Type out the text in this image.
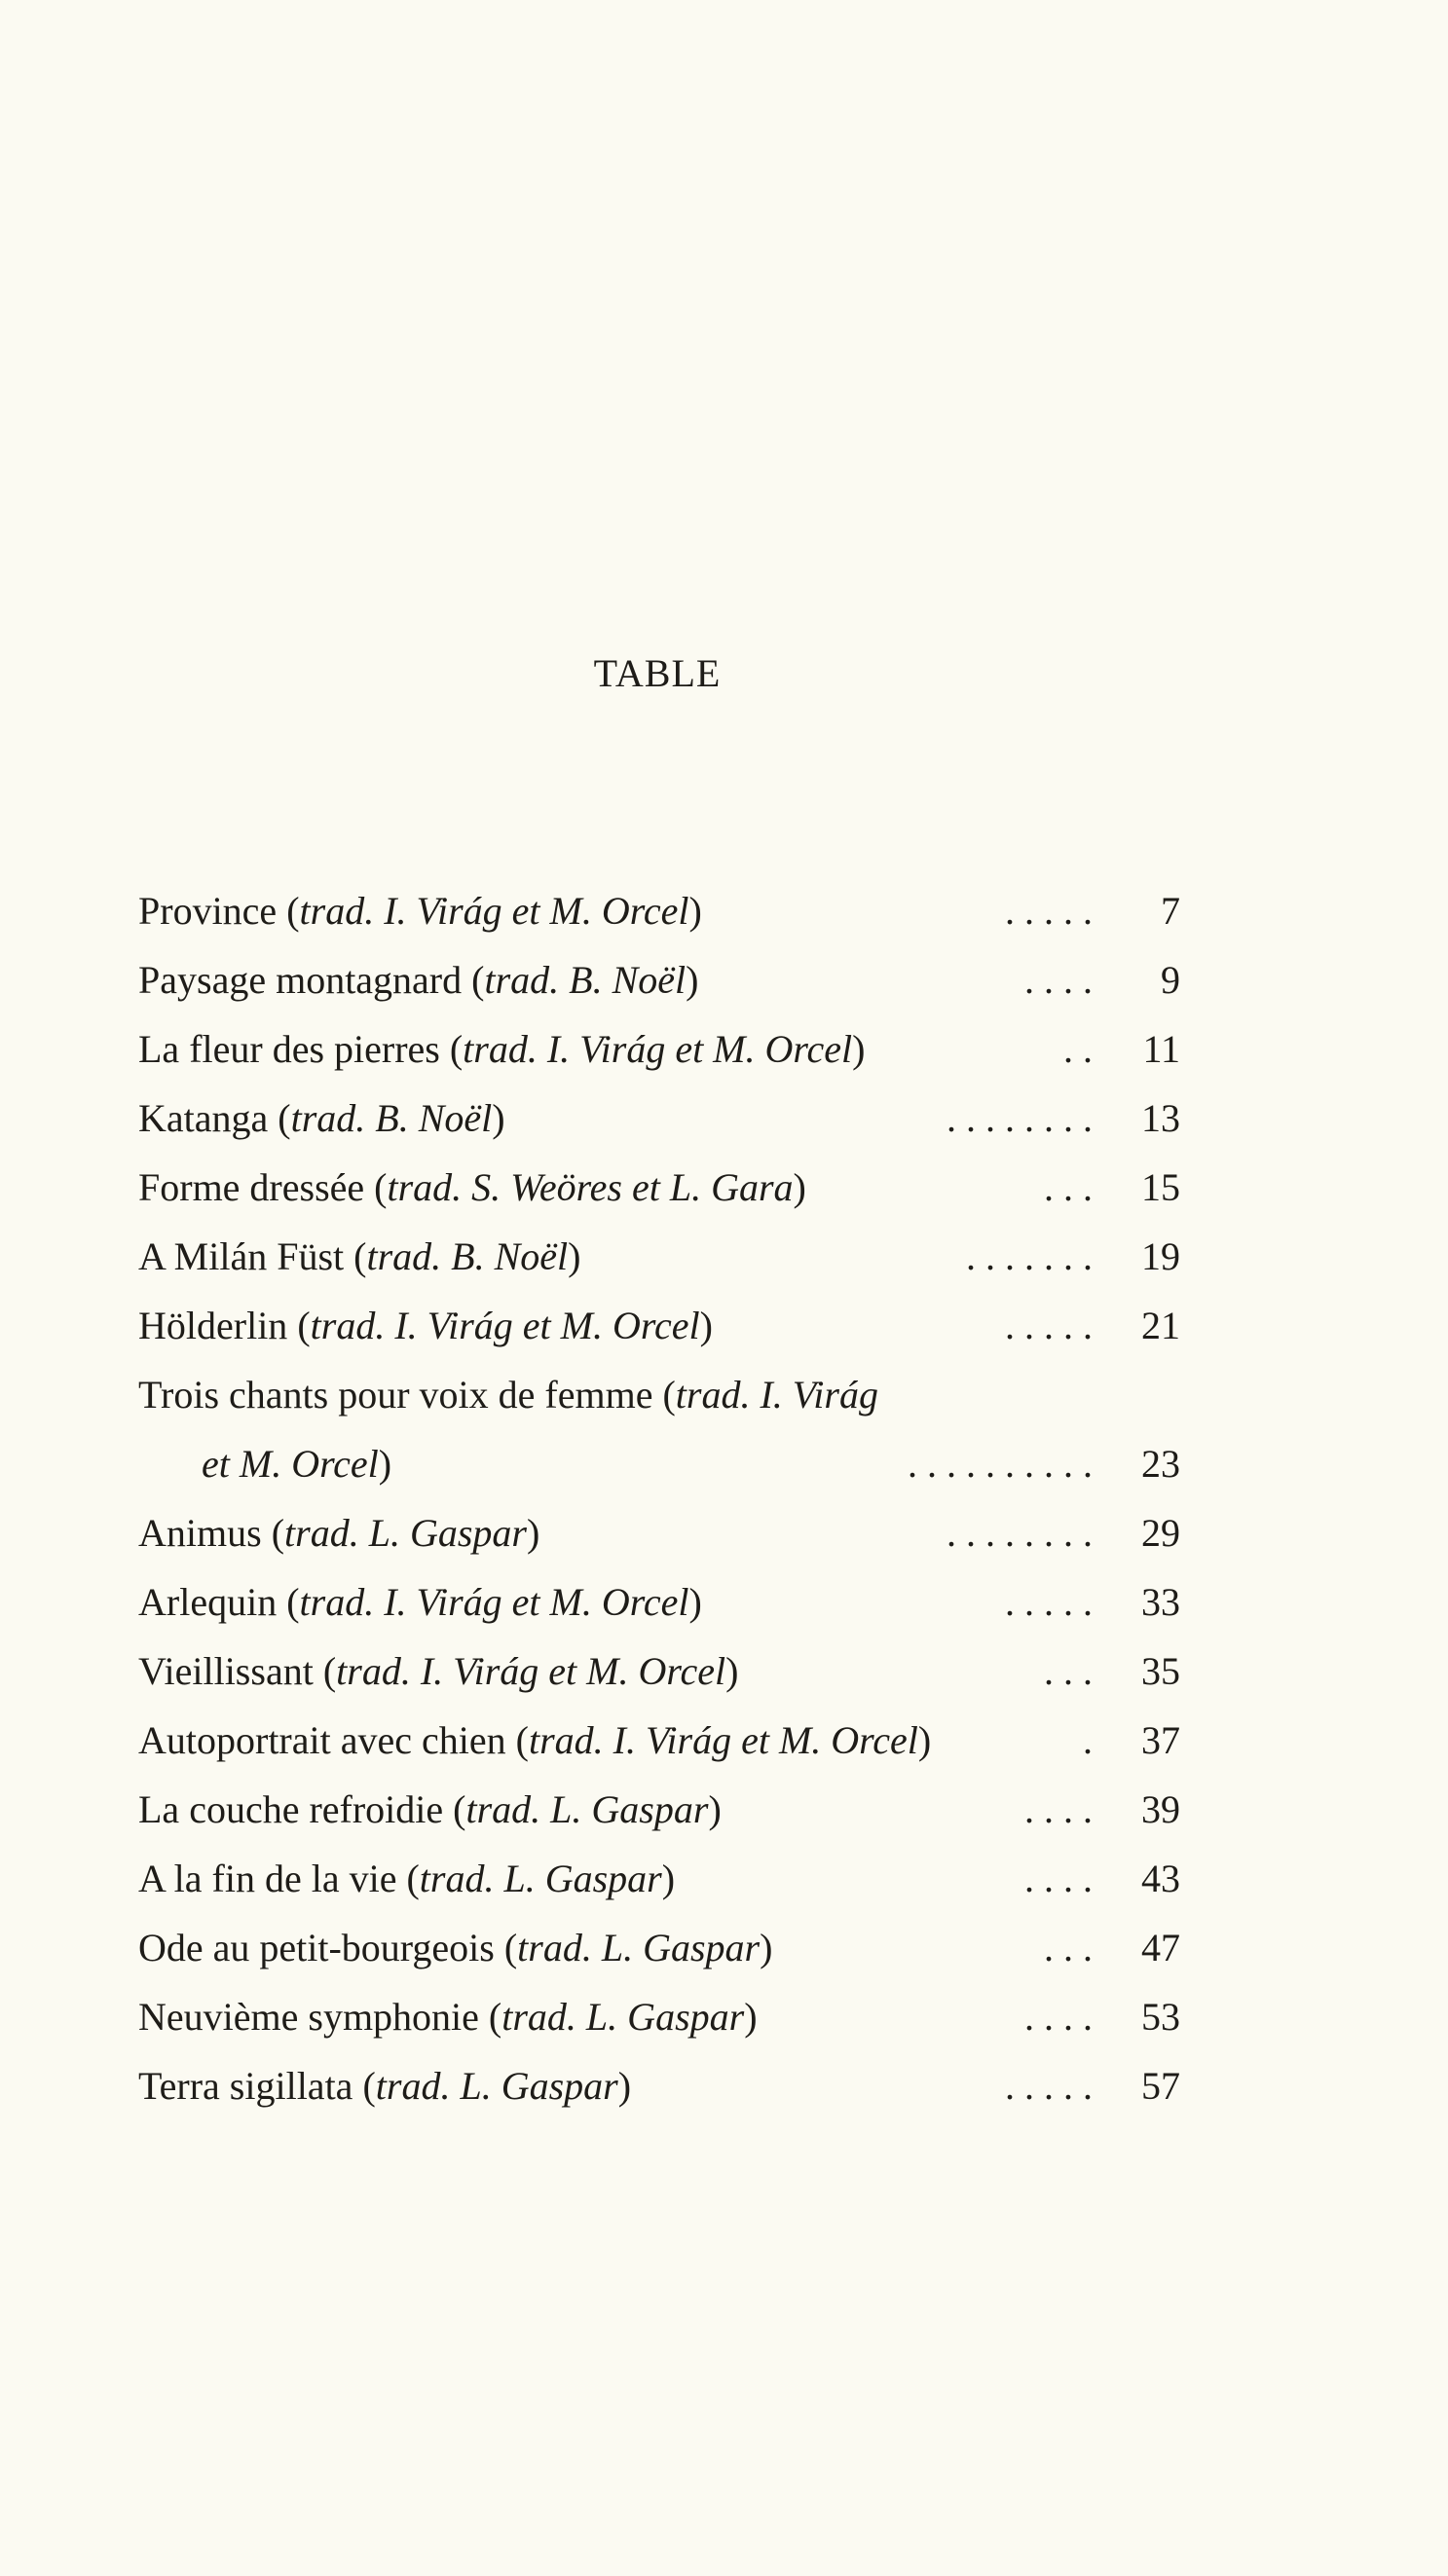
TABLE
Province (trad. I. Virág et M. Orcel)	. . . . .	7
Paysage montagnard (trad. B. Noël)	. . . .	9
La fleur des pierres (trad. I. Virág et M. Orcel)	. .	11
Katanga (trad. B. Noël)	. . . . . . . .	13
Forme dressée (trad. S. Weöres et L. Gara)	. . .	15
A Milán Füst (trad. B. Noël)	. . . . . . .	19
Hölderlin (trad. I. Virág et M. Orcel)	. . . . .	21
Trois chants pour voix de femme (trad. I. Virág
et M. Orcel)	. . . . . . . . . .	23
Animus (trad. L. Gaspar)	. . . . . . . .	29
Arlequin (trad. I. Virág et M. Orcel)	. . . . .	33
Vieillissant (trad. I. Virág et M. Orcel)	. . .	35
Autoportrait avec chien (trad. I. Virág et M. Orcel)	.	37
La couche refroidie (trad. L. Gaspar)	. . . .	39
A la fin de la vie (trad. L. Gaspar)	. . . .	43
Ode au petit-bourgeois (trad. L. Gaspar)	. . .	47
Neuvième symphonie (trad. L. Gaspar)	. . . .	53
Terra sigillata (trad. L. Gaspar)	. . . . .	57
